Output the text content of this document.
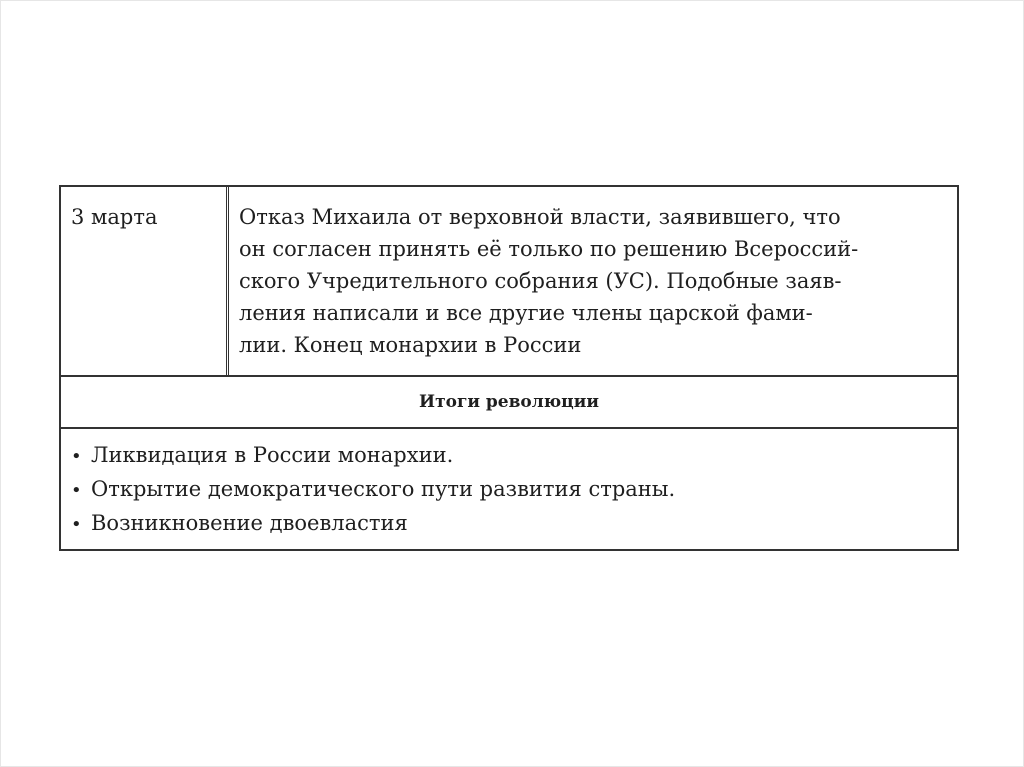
3 марта	Отказ Михаила от верховной власти, заявившего, что
он согласен принять её только по решению Всероссий-
ского Учредительного собрания (УС). Подобные заяв-
ления написали и все другие члены царской фами-
лии. Конец монархии в России
Итоги революции
• Ликвидация в России монархии.
• Открытие демократического пути развития страны.
• Возникновение двоевластия
